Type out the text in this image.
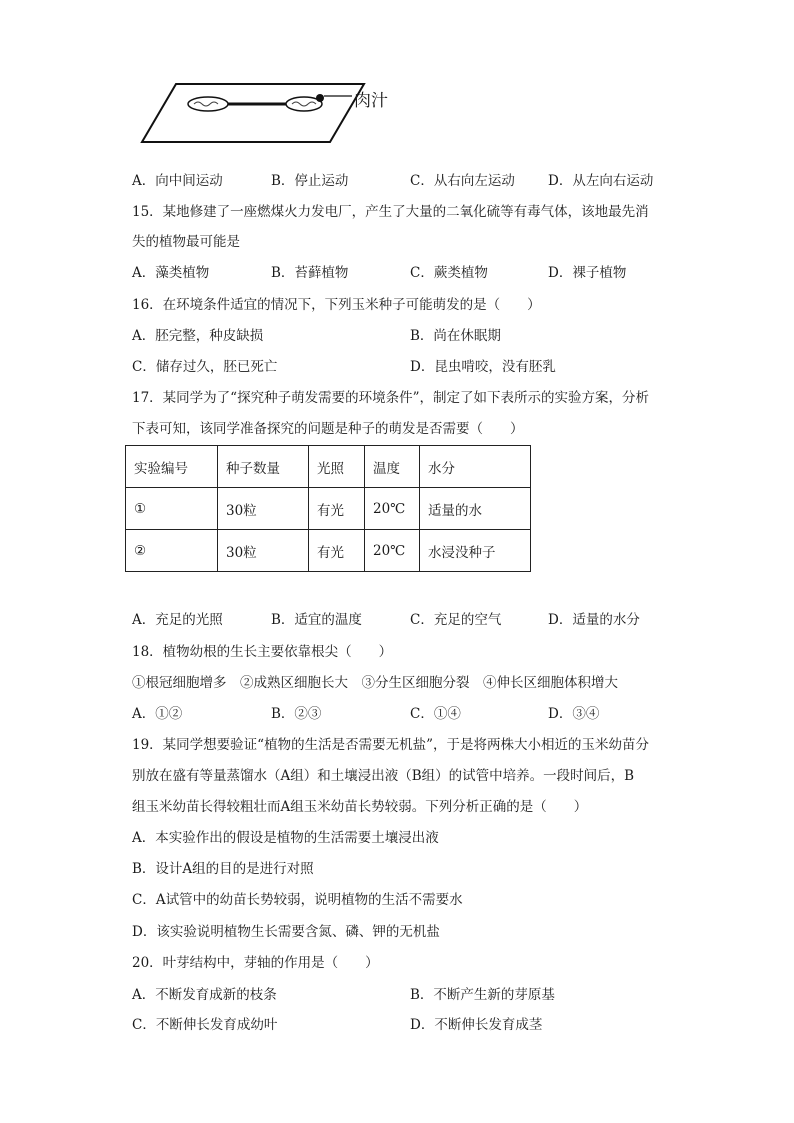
肉汁
A．向中间运动	B．停止运动	C．从右向左运动 D．从左向右运动
15．某地修建了一座燃煤火力发电厂，产生了大量的二氧化硫等有毒气体，该地最先消
失的植物最可能是
A．藻类植物	B．苔藓植物	C．蕨类植物	D．裸子植物
16．在环境条件适宜的情况下，下列玉米种子可能萌发的是（　　）
A．胚完整，种皮缺损	B．尚在休眠期
C．储存过久，胚已死亡	D．昆虫啃咬，没有胚乳
17．某同学为了“探究种子萌发需要的环境条件”，制定了如下表所示的实验方案，分析
下表可知，该同学准备探究的问题是种子的萌发是否需要（　　）
实验编号	种子数量	光照	温度	水分
①	30粒	有光	20℃	适量的水
②	30粒	有光	20℃	水浸没种子
A．充足的光照	B．适宜的温度	C．充足的空气	D．适量的水分
18．植物幼根的生长主要依靠根尖（　　）
①根冠细胞增多　②成熟区细胞长大　③分生区细胞分裂　④伸长区细胞体积增大
A．①②	B．②③	C．①④	D．③④
19．某同学想要验证“植物的生活是否需要无机盐”，于是将两株大小相近的玉米幼苗分
别放在盛有等量蒸馏水（A组）和土壤浸出液（B组）的试管中培养。一段时间后，B
组玉米幼苗长得较粗壮而A组玉米幼苗长势较弱。下列分析正确的是（　　）
A．本实验作出的假设是植物的生活需要土壤浸出液
B．设计A组的目的是进行对照
C．A试管中的幼苗长势较弱，说明植物的生活不需要水
D．该实验说明植物生长需要含氮、磷、钾的无机盐
20．叶芽结构中，芽轴的作用是（　　）
A．不断发育成新的枝条	B．不断产生新的芽原基
C．不断伸长发育成幼叶	D．不断伸长发育成茎
